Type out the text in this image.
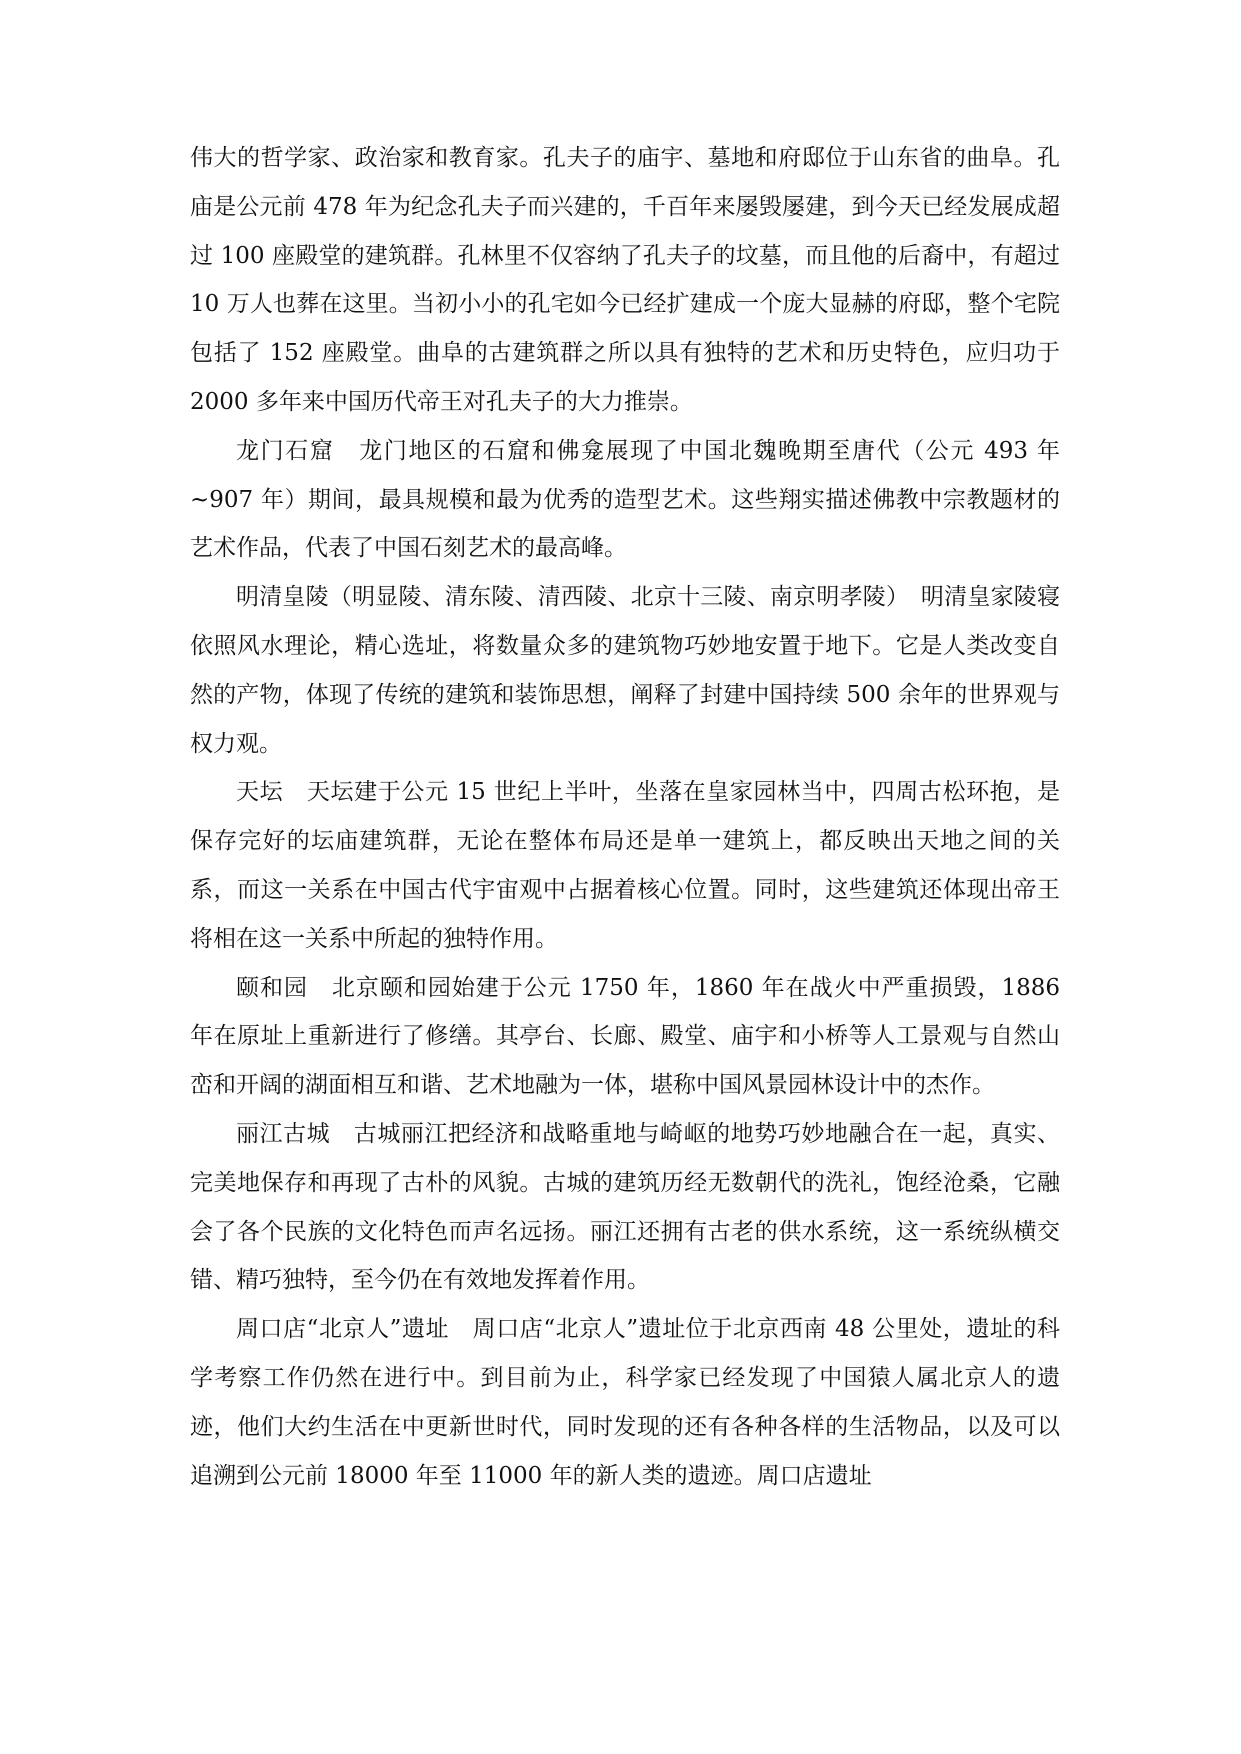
伟大的哲学家、政治家和教育家。孔夫子的庙宇、墓地和府邸位于山东省的曲阜。孔庙是公元前 478 年为纪念孔夫子而兴建的，千百年来屡毁屡建，到今天已经发展成超过 100 座殿堂的建筑群。孔林里不仅容纳了孔夫子的坟墓，而且他的后裔中，有超过 10 万人也葬在这里。当初小小的孔宅如今已经扩建成一个庞大显赫的府邸，整个宅院包括了 152 座殿堂。曲阜的古建筑群之所以具有独特的艺术和历史特色，应归功于 2000 多年来中国历代帝王对孔夫子的大力推崇。

龙门石窟　龙门地区的石窟和佛龛展现了中国北魏晚期至唐代（公元 493 年~907 年）期间，最具规模和最为优秀的造型艺术。这些翔实描述佛教中宗教题材的艺术作品，代表了中国石刻艺术的最高峰。

明清皇陵（明显陵、清东陵、清西陵、北京十三陵、南京明孝陵）　明清皇家陵寝依照风水理论，精心选址，将数量众多的建筑物巧妙地安置于地下。它是人类改变自然的产物，体现了传统的建筑和装饰思想，阐释了封建中国持续 500 余年的世界观与权力观。

天坛　天坛建于公元 15 世纪上半叶，坐落在皇家园林当中，四周古松环抱，是保存完好的坛庙建筑群，无论在整体布局还是单一建筑上，都反映出天地之间的关系，而这一关系在中国古代宇宙观中占据着核心位置。同时，这些建筑还体现出帝王将相在这一关系中所起的独特作用。

颐和园　北京颐和园始建于公元 1750 年，1860 年在战火中严重损毁，1886 年在原址上重新进行了修缮。其亭台、长廊、殿堂、庙宇和小桥等人工景观与自然山峦和开阔的湖面相互和谐、艺术地融为一体，堪称中国风景园林设计中的杰作。

丽江古城　古城丽江把经济和战略重地与崎岖的地势巧妙地融合在一起，真实、完美地保存和再现了古朴的风貌。古城的建筑历经无数朝代的洗礼，饱经沧桑，它融会了各个民族的文化特色而声名远扬。丽江还拥有古老的供水系统，这一系统纵横交错、精巧独特，至今仍在有效地发挥着作用。

周口店“北京人”遗址　周口店“北京人”遗址位于北京西南 48 公里处，遗址的科学考察工作仍然在进行中。到目前为止，科学家已经发现了中国猿人属北京人的遗迹，他们大约生活在中更新世时代，同时发现的还有各种各样的生活物品，以及可以追溯到公元前 18000 年至 11000 年的新人类的遗迹。周口店遗址
